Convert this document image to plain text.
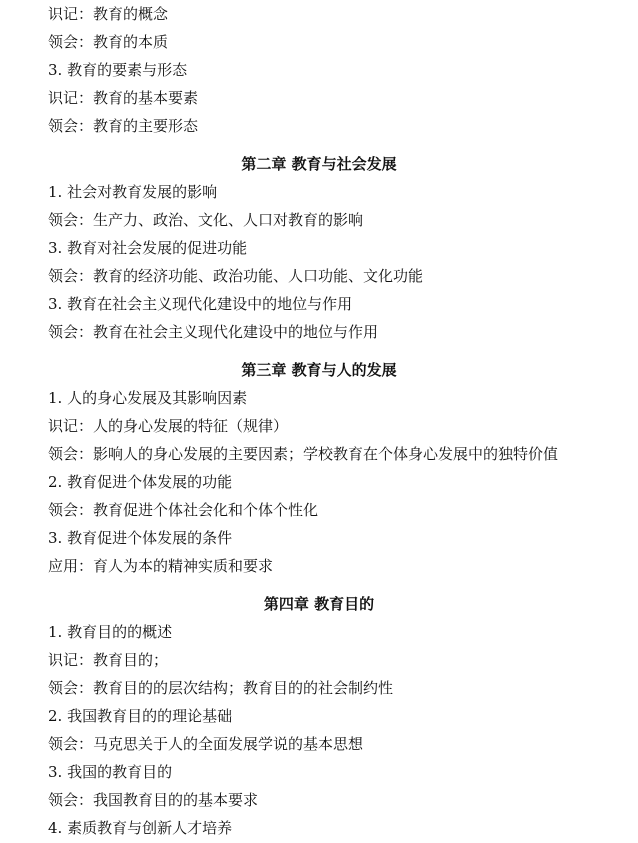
识记：教育的概念
领会：教育的本质
3. 教育的要素与形态
识记：教育的基本要素
领会：教育的主要形态
第二章 教育与社会发展
1. 社会对教育发展的影响
领会：生产力、政治、文化、人口对教育的影响
3. 教育对社会发展的促进功能
领会：教育的经济功能、政治功能、人口功能、文化功能
3. 教育在社会主义现代化建设中的地位与作用
领会：教育在社会主义现代化建设中的地位与作用
第三章 教育与人的发展
1. 人的身心发展及其影响因素
识记：人的身心发展的特征（规律）
领会：影响人的身心发展的主要因素；学校教育在个体身心发展中的独特价值
2. 教育促进个体发展的功能
领会：教育促进个体社会化和个体个性化
3. 教育促进个体发展的条件
应用：育人为本的精神实质和要求
第四章 教育目的
1. 教育目的的概述
识记：教育目的；
领会：教育目的的层次结构；教育目的的社会制约性
2. 我国教育目的的理论基础
领会：马克思关于人的全面发展学说的基本思想
3. 我国的教育目的
领会：我国教育目的的基本要求
4. 素质教育与创新人才培养
